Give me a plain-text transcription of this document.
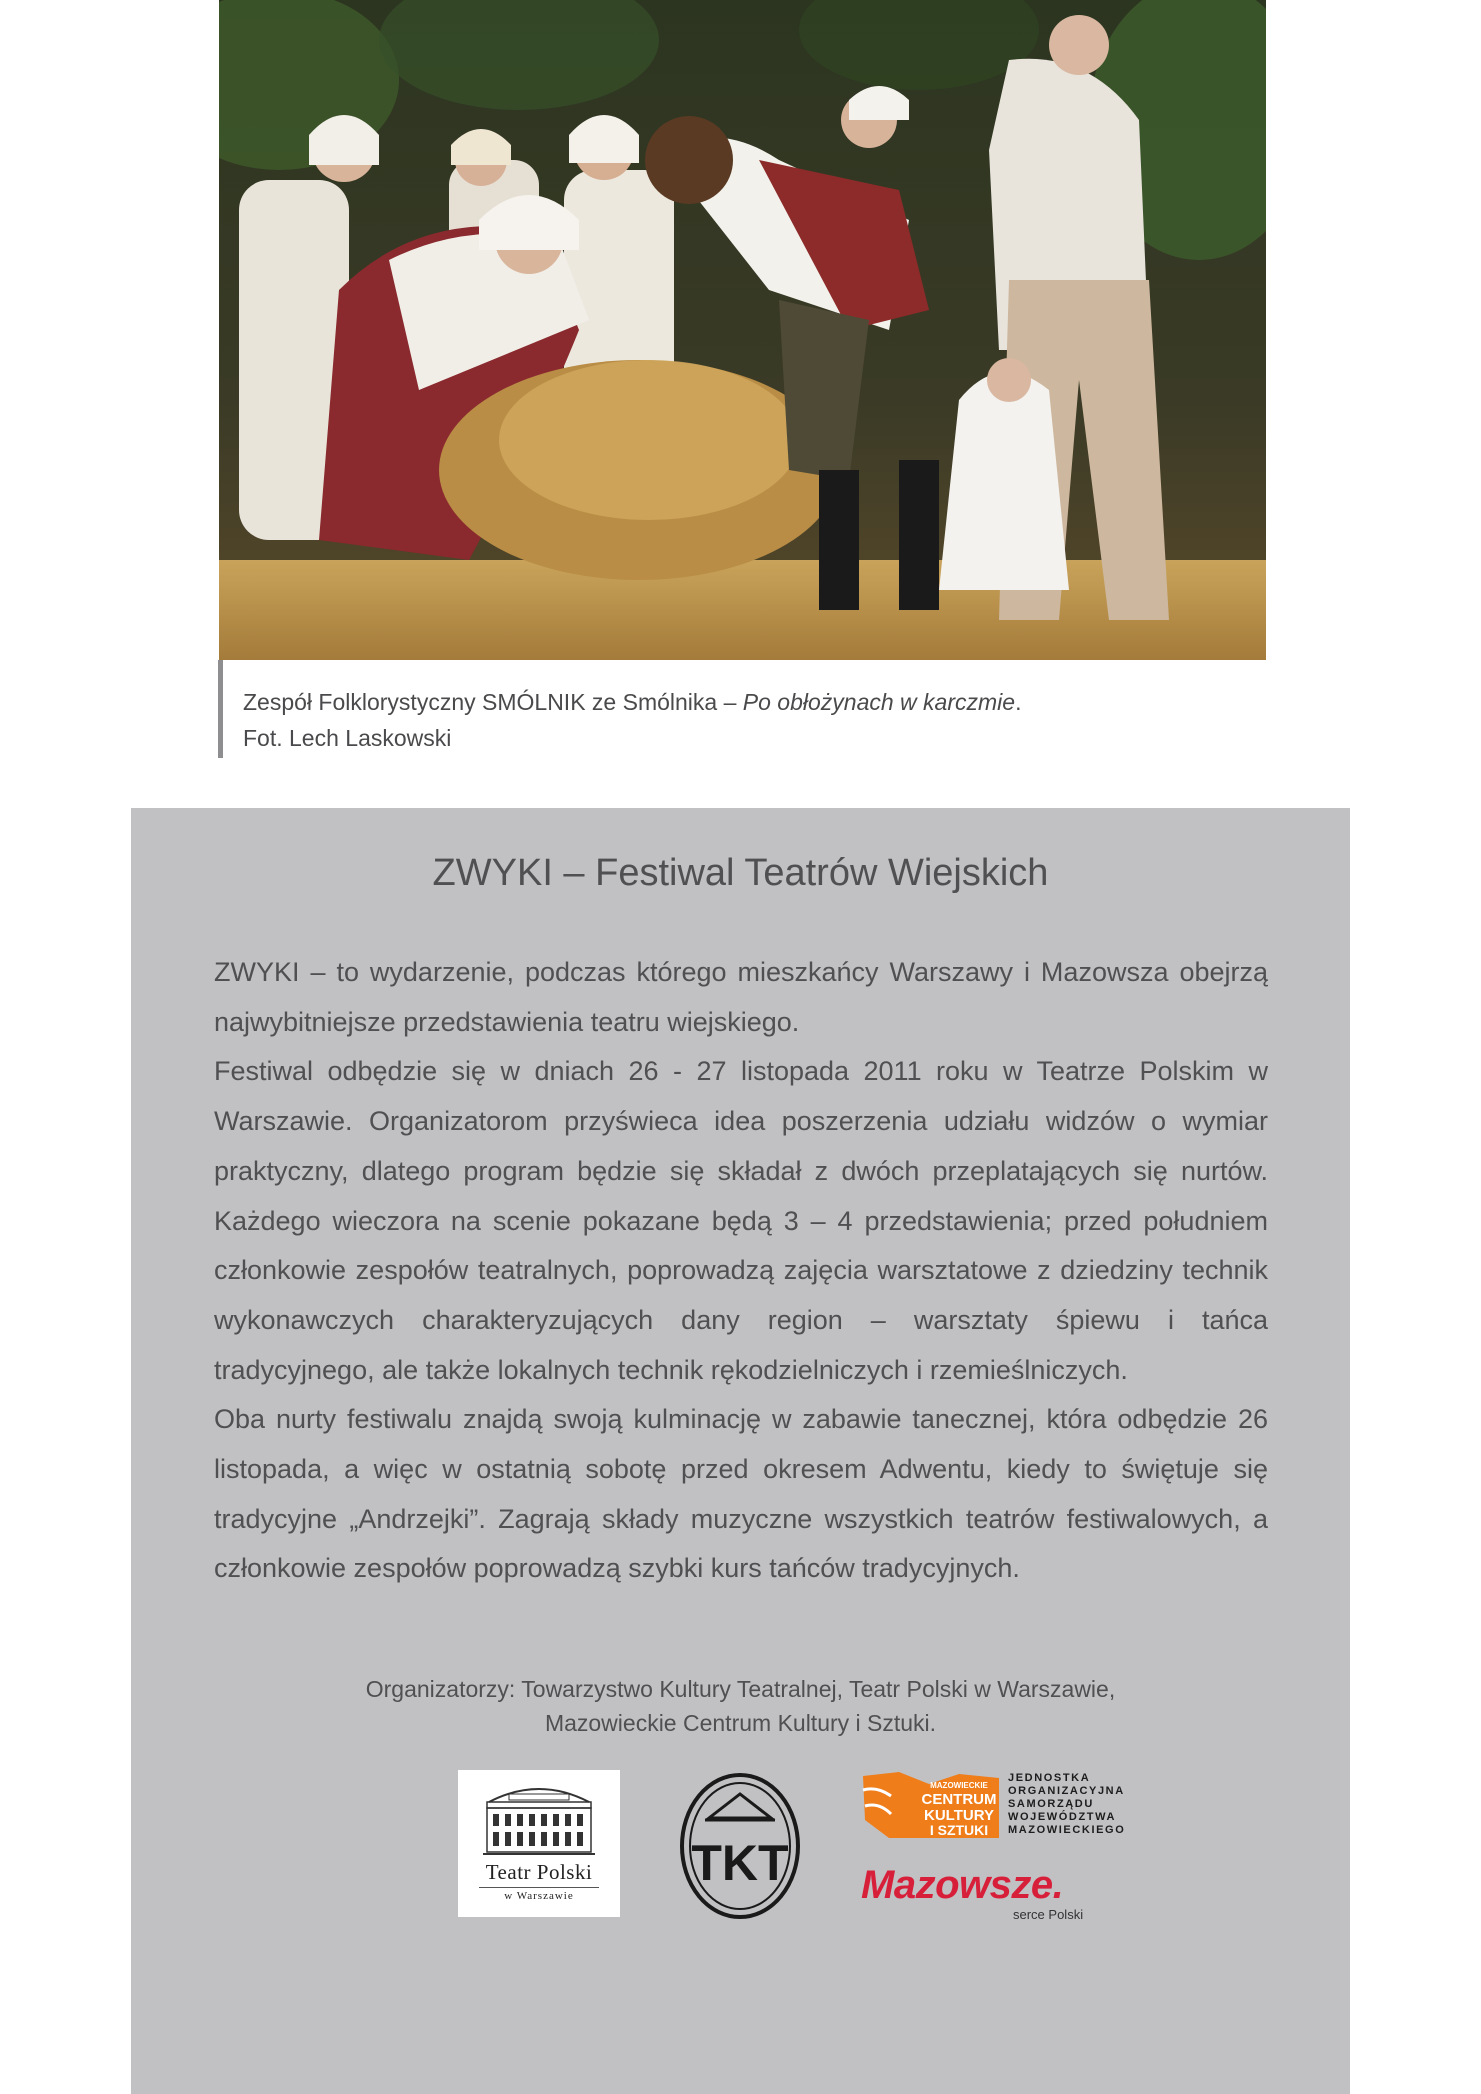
Zespół Folklorystyczny SMÓLNIK ze Smólnika – Po obłożynach w karczmie.
Fot. Lech Laskowski
ZWYKI – Festiwal Teatrów Wiejskich

ZWYKI – to wydarzenie, podczas którego mieszkańcy Warszawy i Mazowsza obejrzą najwybitniejsze przedstawienia teatru wiejskiego.

Festiwal odbędzie się w dniach 26 - 27 listopada 2011 roku w Teatrze Polskim w Warszawie. Organizatorom przyświeca idea poszerzenia udziału widzów o wymiar praktyczny, dlatego program będzie się składał z dwóch przeplatających się nurtów. Każdego wieczora na scenie pokazane będą 3 – 4 przedstawienia; przed południem członkowie zespołów teatralnych, poprowadzą zajęcia warsztatowe z dziedziny technik wykonawczych charakteryzujących dany region – warsztaty śpiewu i tańca tradycyjnego, ale także lokalnych technik rękodzielniczych i rzemieślniczych.

Oba nurty festiwalu znajdą swoją kulminację w zabawie tanecznej, która odbędzie 26 listopada, a więc w ostatnią sobotę przed okresem Adwentu, kiedy to świętuje się tradycyjne „Andrzejki”. Zagrają składy muzyczne wszystkich teatrów festiwalowych, a członkowie zespołów poprowadzą szybki kurs tańców tradycyjnych.

Organizatorzy: Towarzystwo Kultury Teatralnej, Teatr Polski w Warszawie,
Mazowieckie Centrum Kultury i Sztuki.
Teatr Polski
w Warszawie
TKT
MAZOWIECKIE
CENTRUM
KULTURY
I SZTUKI
JEDNOSTKA
ORGANIZACYJNA
SAMORZĄDU
WOJEWÓDZTWA
MAZOWIECKIEGO
Mazowsze.
serce Polski
